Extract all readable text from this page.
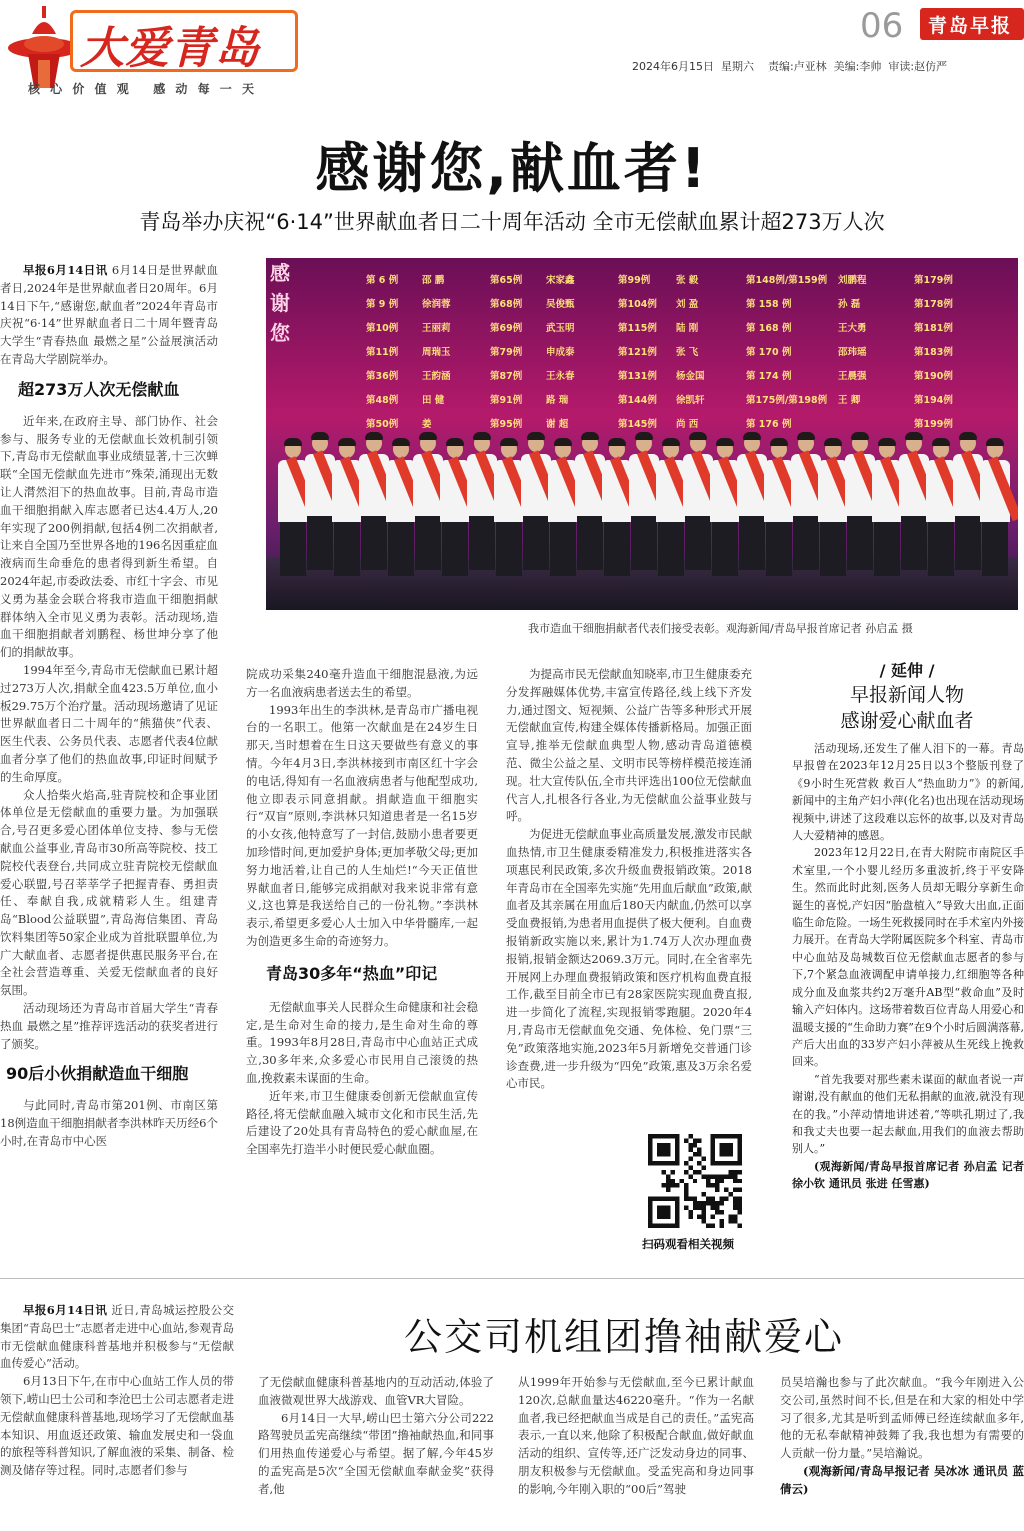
大爱青岛
核 心 价 值 观   感 动 每 一 天
06 青岛早报
2024年6月15日  星期六    责编:卢亚林  美编:李帅  审读:赵仿严
感谢您,献血者!
青岛举办庆祝“6·14”世界献血者日二十周年活动 全市无偿献血累计超273万人次
感谢您
第 6 例	邵 鹏	第65例	宋家鑫	第99例	张 毅	第148例/第159例 刘鹏程	第179例
第 9 例	徐润蓉	第68例	吴俊甄	第104例 刘 盈	第 158 例	孙 磊	第178例
第10例	王丽莉	第69例	武玉明	第115例 陆 刚	第 168 例	王大勇	第181例
第11例	周瑞玉	第79例	申成泰	第121例 张 飞	第 170 例	邵玮瑶	第183例
第36例	王韵涵	第87例	王永春	第131例 杨金国	第 174 例	王晨强	第190例
第48例	田 健	第91例	路 瑞	第144例 徐凯轩	第175例/第198例 王 卿	第194例
第50例	姜	第95例	谢 超	第145例 尚 西	第 176 例	第199例
我市造血干细胞捐献者代表们接受表彰。观海新闻/青岛早报首席记者 孙启孟 摄

早报6月14日讯 6月14日是世界献血者日,2024年是世界献血者日20周年。6月14日下午,“感谢您,献血者”2024年青岛市庆祝“6·14”世界献血者日二十周年暨青岛大学生“青春热血 最燃之星”公益展演活动在青岛大学剧院举办。

超273万人次无偿献血

近年来,在政府主导、部门协作、社会参与、服务专业的无偿献血长效机制引领下,青岛市无偿献血事业成绩显著,十三次蝉联“全国无偿献血先进市”殊荣,涌现出无数让人潸然泪下的热血故事。目前,青岛市造血干细胞捐献入库志愿者已达4.4万人,20年实现了200例捐献,包括4例二次捐献者,让来自全国乃至世界各地的196名因重症血液病而生命垂危的患者得到新生希望。自2024年起,市委政法委、市红十字会、市见义勇为基金会联合将我市造血干细胞捐献群体纳入全市见义勇为表彰。活动现场,造血干细胞捐献者刘鹏程、杨世坤分享了他们的捐献故事。

1994年至今,青岛市无偿献血已累计超过273万人次,捐献全血423.5万单位,血小板29.75万个治疗量。活动现场邀请了见证世界献血者日二十周年的“熊猫侠”代表、医生代表、公务员代表、志愿者代表4位献血者分享了他们的热血故事,印证时间赋予的生命厚度。

众人拾柴火焰高,驻青院校和企事业团体单位是无偿献血的重要力量。为加强联合,号召更多爱心团体单位支持、参与无偿献血公益事业,青岛市30所高等院校、技工院校代表登台,共同成立驻青院校无偿献血爱心联盟,号召莘莘学子把握青春、勇担责任、奉献自我,成就精彩人生。组建青岛“Blood公益联盟”,青岛海信集团、青岛饮料集团等50家企业成为首批联盟单位,为广大献血者、志愿者提供惠民服务平台,在全社会营造尊重、关爱无偿献血者的良好氛围。

活动现场还为青岛市首届大学生“青春热血 最燃之星”推荐评选活动的获奖者进行了颁奖。

90后小伙捐献造血干细胞

与此同时,青岛市第201例、市南区第18例造血干细胞捐献者李洪林昨天历经6个小时,在青岛市中心医

院成功采集240毫升造血干细胞混悬液,为远方一名血液病患者送去生的希望。

1993年出生的李洪林,是青岛市广播电视台的一名职工。他第一次献血是在24岁生日那天,当时想着在生日这天要做些有意义的事情。今年4月3日,李洪林接到市南区红十字会的电话,得知有一名血液病患者与他配型成功,他立即表示同意捐献。捐献造血干细胞实行“双盲”原则,李洪林只知道患者是一名15岁的小女孩,他特意写了一封信,鼓励小患者要更加珍惜时间,更加爱护身体;更加孝敬父母;更加努力地活着,让自己的人生灿烂!“今天正值世界献血者日,能够完成捐献对我来说非常有意义,这也算是我送给自己的一份礼物。”李洪林表示,希望更多爱心人士加入中华骨髓库,一起为创造更多生命的奇迹努力。

青岛30多年“热血”印记

无偿献血事关人民群众生命健康和社会稳定,是生命对生命的接力,是生命对生命的尊重。1993年8月28日,青岛市中心血站正式成立,30多年来,众多爱心市民用自己滚烫的热血,挽救素未谋面的生命。

近年来,市卫生健康委创新无偿献血宣传路径,将无偿献血融入城市文化和市民生活,先后建设了20处具有青岛特色的爱心献血屋,在全国率先打造半小时便民爱心献血圈。

为提高市民无偿献血知晓率,市卫生健康委充分发挥融媒体优势,丰富宣传路径,线上线下齐发力,通过图文、短视频、公益广告等多种形式开展无偿献血宣传,构建全媒体传播新格局。加强正面宣导,推举无偿献血典型人物,感动青岛道德模范、微尘公益之星、文明市民等榜样模范接连涌现。壮大宣传队伍,全市共评选出100位无偿献血代言人,扎根各行各业,为无偿献血公益事业鼓与呼。

为促进无偿献血事业高质量发展,激发市民献血热情,市卫生健康委精准发力,积极推进落实各项惠民利民政策,多次升级血费报销政策。2018年青岛市在全国率先实施“先用血后献血”政策,献血者及其亲属在用血后180天内献血,仍然可以享受血费报销,为患者用血提供了极大便利。自血费报销新政实施以来,累计为1.74万人次办理血费报销,报销金额达2069.3万元。同时,在全省率先开展网上办理血费报销政策和医疗机构血费直报工作,截至目前全市已有28家医院实现血费直报,进一步简化了流程,实现报销零跑腿。2020年4月,青岛市无偿献血免交通、免体检、免门票“三免”政策落地实施,2023年5月新增免交普通门诊诊查费,进一步升级为“四免”政策,惠及3万余名爱心市民。

扫码观看相关视频
/ 延伸 /
早报新闻人物
感谢爱心献血者

活动现场,还发生了催人泪下的一幕。青岛早报曾在2023年12月25日以3个整版刊登了《9小时生死营救 救百人“热血助力”》的新闻,新闻中的主角产妇小萍(化名)也出现在活动现场视频中,讲述了这段难以忘怀的故事,以及对青岛人大爱精神的感恩。

2023年12月22日,在青大附院市南院区手术室里,一个小婴儿经历多重波折,终于平安降生。然而此时此刻,医务人员却无暇分享新生命诞生的喜悦,产妇因“胎盘植入”导致大出血,正面临生命危险。一场生死救援同时在手术室内外接力展开。在青岛大学附属医院多个科室、青岛市中心血站及岛城数百位无偿献血志愿者的参与下,7个紧急血液调配申请单接力,红细胞等各种成分血及血浆共约2万毫升AB型“救命血”及时输入产妇体内。这场带着数百位青岛人用爱心和温暖支援的“生命助力赛”在9个小时后圆满落幕,产后大出血的33岁产妇小萍被从生死线上挽救回来。

“首先我要对那些素未谋面的献血者说一声谢谢,没有献血的他们无私捐献的血液,就没有现在的我。”小萍动情地讲述着,“等哄孔期过了,我和我丈夫也要一起去献血,用我们的血液去帮助别人。”

(观海新闻/青岛早报首席记者 孙启孟 记者 徐小钦 通讯员 张进 任雪惠)

公交司机组团撸袖献爱心

早报6月14日讯 近日,青岛城运控股公交集团“青岛巴士”志愿者走进中心血站,参观青岛市无偿献血健康科普基地并积极参与“无偿献血传爱心”活动。

6月13日下午,在市中心血站工作人员的带领下,崂山巴士公司和李沧巴士公司志愿者走进无偿献血健康科普基地,现场学习了无偿献血基本知识、用血返还政策、输血发展史和一袋血的旅程等科普知识,了解血液的采集、制备、检测及储存等过程。同时,志愿者们参与

了无偿献血健康科普基地内的互动活动,体验了血液微观世界大战游戏、血管VR大冒险。

6月14日一大早,崂山巴士第六分公司222路驾驶员孟宪高继续“带团”撸袖献热血,和同事们用热血传递爱心与希望。据了解,今年45岁的孟宪高是5次“全国无偿献血奉献金奖”获得者,他

从1999年开始参与无偿献血,至今已累计献血120次,总献血量达46220毫升。“作为一名献血者,我已经把献血当成是自己的责任。”孟宪高表示,一直以来,他除了积极配合献血,做好献血活动的组织、宣传等,还广泛发动身边的同事、朋友积极参与无偿献血。受孟宪高和身边同事的影响,今年刚入职的“00后”驾驶

员吴培瀚也参与了此次献血。“我今年刚进入公交公司,虽然时间不长,但是在和大家的相处中学习了很多,尤其是听到孟师傅已经连续献血多年,他的无私奉献精神鼓舞了我,我也想为有需要的人贡献一份力量。”吴培瀚说。

(观海新闻/青岛早报记者 吴冰冰 通讯员 蓝倩云)
